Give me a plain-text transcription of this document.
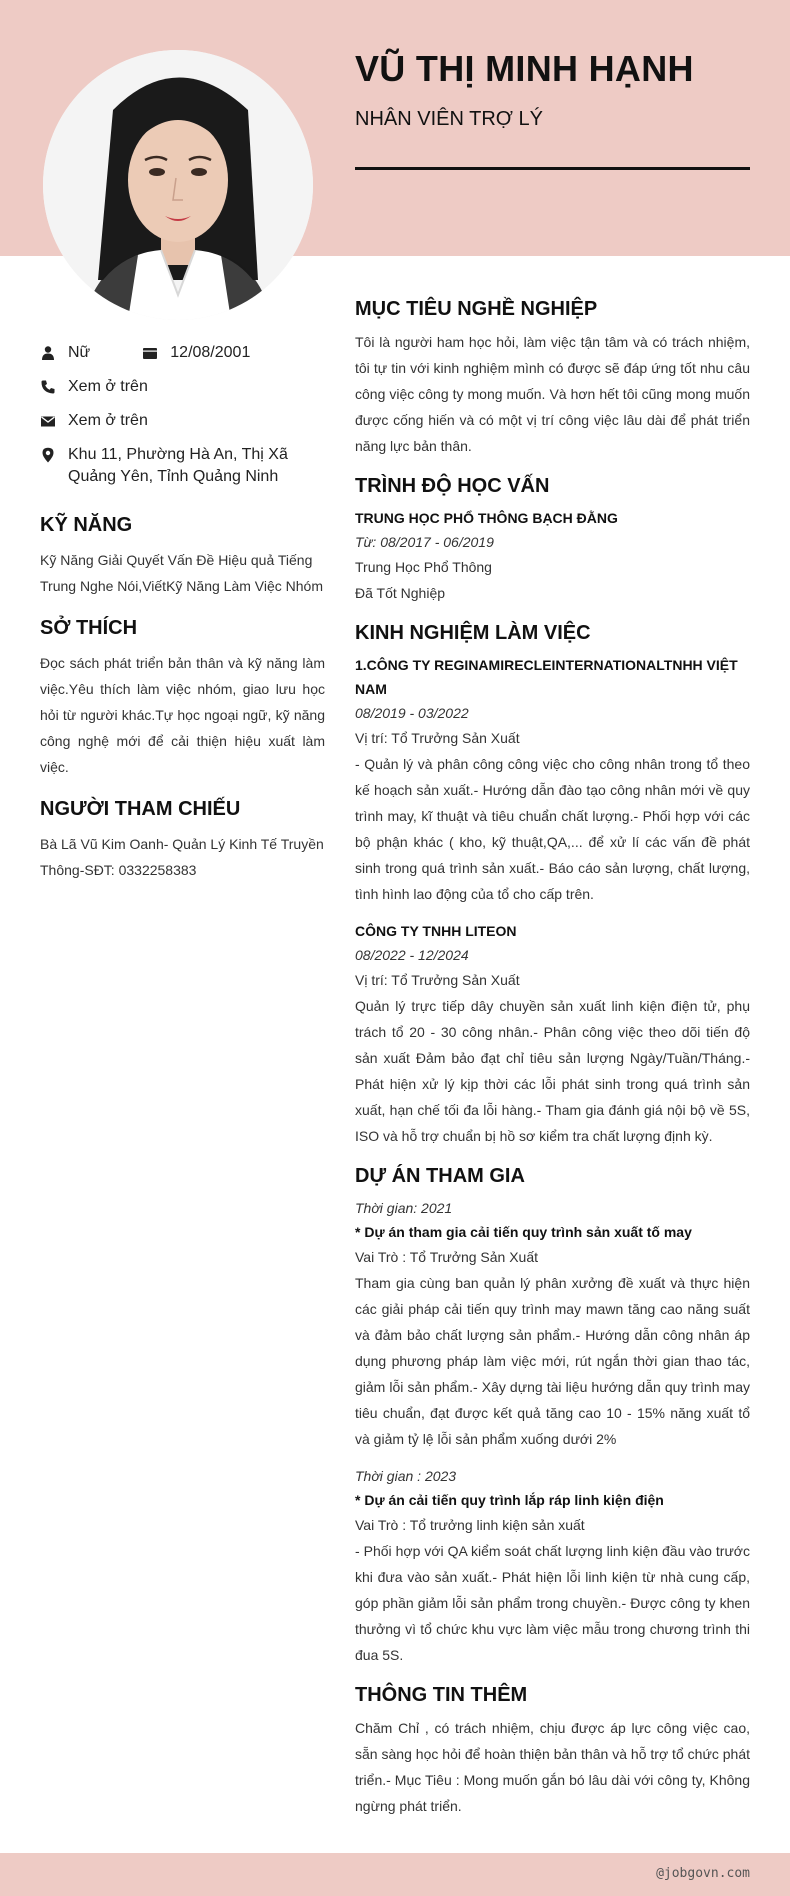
VŨ THỊ MINH HẠNH
NHÂN VIÊN TRỢ LÝ
Nữ	12/08/2001
Xem ở trên
Xem ở trên
Khu 11, Phường Hà An, Thị Xã Quảng Yên, Tỉnh Quảng Ninh
KỸ NĂNG
Kỹ Năng Giải Quyết Vấn Đề Hiệu quả Tiếng Trung Nghe Nói,ViếtKỹ Năng Làm Việc Nhóm
SỞ THÍCH
Đọc sách phát triển bản thân và kỹ năng làm việc.Yêu thích làm việc nhóm, giao lưu học hỏi từ người khác.Tự học ngoại ngữ, kỹ năng công nghệ mới để cải thiện hiệu xuất làm việc.
NGƯỜI THAM CHIẾU
Bà Lã Vũ Kim Oanh- Quản Lý Kinh Tế Truyền Thông-SĐT: 0332258383
MỤC TIÊU NGHỀ NGHIỆP
Tôi là người ham học hỏi, làm việc tận tâm và có trách nhiệm, tôi tự tin với kinh nghiệm mình có được sẽ đáp ứng tốt nhu câu công việc công ty mong muốn. Và hơn hết tôi cũng mong muốn được cống hiến và có một vị trí công việc lâu dài để phát triển năng lực bản thân.
TRÌNH ĐỘ HỌC VẤN
TRUNG HỌC PHỔ THÔNG BẠCH ĐẰNG
Từ: 08/2017 - 06/2019
Trung Học Phổ Thông
Đã Tốt Nghiệp
KINH NGHIỆM LÀM VIỆC
1.CÔNG TY REGINAMIRECLEINTERNATIONALTNHH VIỆT NAM
08/2019 - 03/2022
Vị trí: Tổ Trưởng Sản Xuất
- Quản lý và phân công công việc cho công nhân trong tổ theo kế hoạch sản xuất.- Hướng dẫn đào tạo công nhân mới về quy trình may, kĩ thuật và tiêu chuẩn chất lượng.- Phối hợp với các bộ phận khác ( kho, kỹ thuật,QA,... để xử lí các vấn đề phát sinh trong quá trình sản xuất.- Báo cáo sản lượng, chất lượng, tình hình lao động của tổ cho cấp trên.
CÔNG TY TNHH LITEON
08/2022 - 12/2024
Vị trí: Tổ Trưởng Sản Xuất
Quản lý trực tiếp dây chuyền sản xuất linh kiện điện tử, phụ trách tổ 20 - 30 công nhân.- Phân công việc theo dõi tiến độ sản xuất Đảm bảo đạt chỉ tiêu sản lượng Ngày/Tuần/Tháng.- Phát hiện xử lý kịp thời các lỗi phát sinh trong quá trình sản xuất, hạn chế tối đa lỗi hàng.- Tham gia đánh giá nội bộ về 5S, ISO và hỗ trợ chuẩn bị hồ sơ kiểm tra chất lượng định kỳ.
DỰ ÁN THAM GIA
Thời gian: 2021
* Dự án tham gia cải tiến quy trình sản xuất tố may
Vai Trò : Tổ Trưởng Sản Xuất
Tham gia cùng ban quản lý phân xưởng đề xuất và thực hiện các giải pháp cải tiến quy trình may mawn tăng cao năng suất và đảm bảo chất lượng sản phẩm.- Hướng dẫn công nhân áp dụng phương pháp làm việc mới, rút ngắn thời gian thao tác, giảm lỗi sản phẩm.- Xây dựng tài liệu hướng dẫn quy trình may tiêu chuẩn, đạt được kết quả tăng cao 10 - 15% năng xuất tổ và giảm tỷ lệ lỗi sản phẩm xuống dưới 2%
Thời gian : 2023
* Dự án cải tiến quy trình lắp ráp linh kiện điện
Vai Trò : Tổ trưởng linh kiện sản xuất
- Phối hợp với QA kiểm soát chất lượng linh kiện đầu vào trước khi đưa vào sản xuất.- Phát hiện lỗi linh kiện từ nhà cung cấp, góp phần giảm lỗi sản phẩm trong chuyền.- Được công ty khen thưởng vì tổ chức khu vực làm việc mẫu trong chương trình thi đua 5S.
THÔNG TIN THÊM
Chăm Chỉ , có trách nhiệm, chịu được áp lực công việc cao, sẵn sàng học hỏi để hoàn thiện bản thân và hỗ trợ tổ chức phát triển.- Mục Tiêu : Mong muốn gắn bó lâu dài với công ty, Không ngừng phát triển.
@jobgovn.com
